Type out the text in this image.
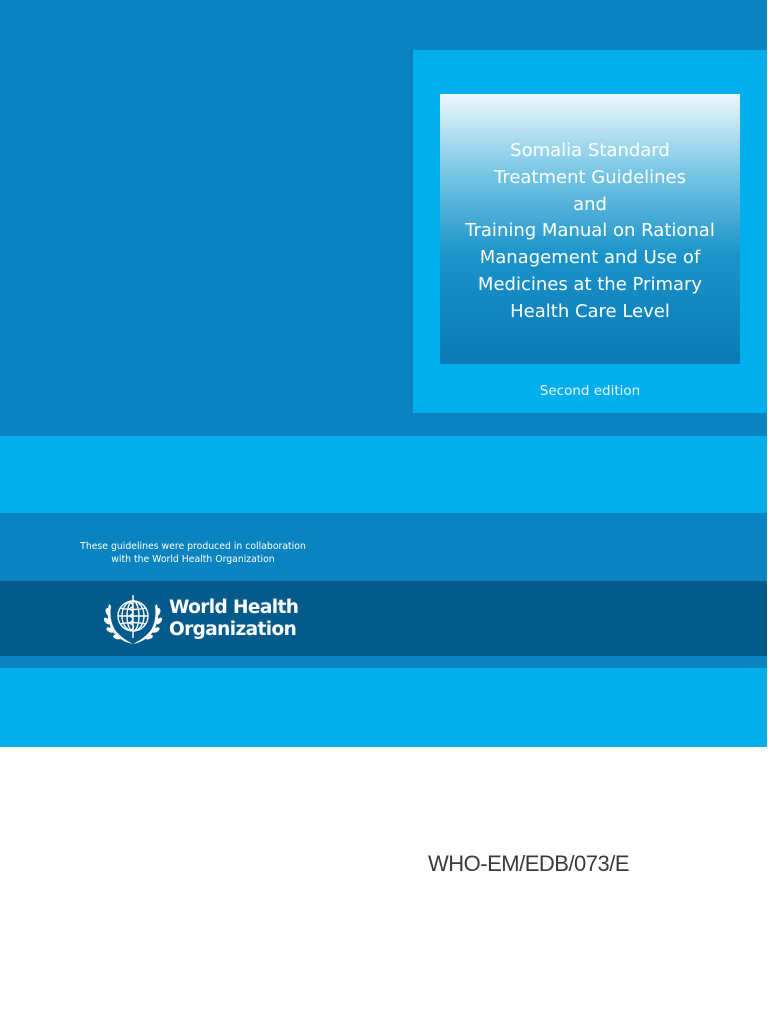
Somalia Standard
Treatment Guidelines
and
Training Manual on Rational
Management and Use of
Medicines at the Primary
Health Care Level
Second edition
These guidelines were produced in collaboration
with the World Health Organization
World Health
Organization
WHO-EM/EDB/073/E
